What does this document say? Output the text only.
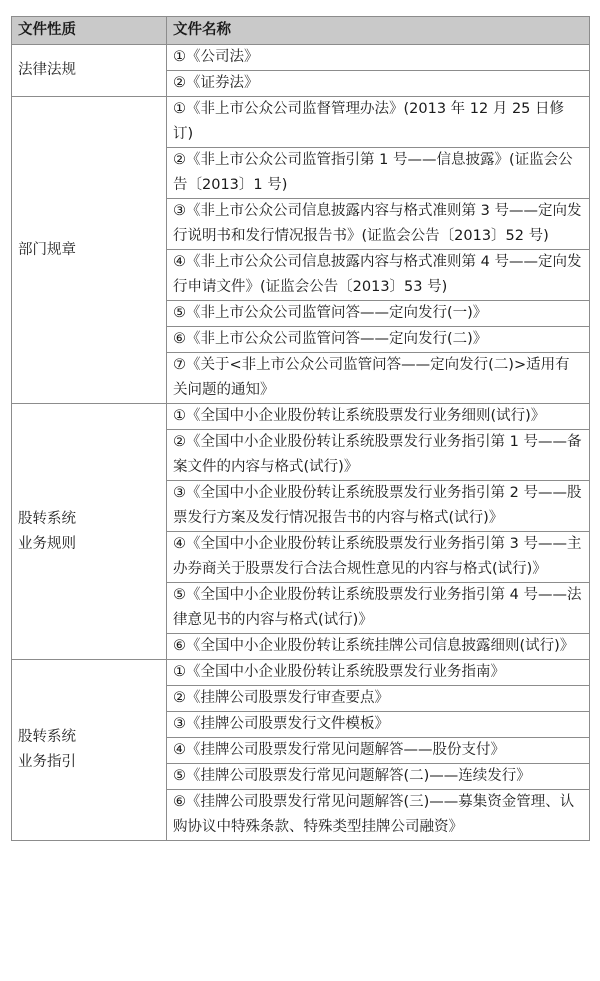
文件性质	文件名称

法律法规	①《公司法》
	②《证券法》

部门规章	①《非上市公众公司监督管理办法》(2013 年 12 月 25 日修订)
	②《非上市公众公司监管指引第 1 号——信息披露》(证监会公告〔2013〕1 号)
	③《非上市公众公司信息披露内容与格式准则第 3 号——定向发行说明书和发行情况报告书》(证监会公告〔2013〕52 号)
	④《非上市公众公司信息披露内容与格式准则第 4 号——定向发行申请文件》(证监会公告〔2013〕53 号)
	⑤《非上市公众公司监管问答——定向发行(一)》
	⑥《非上市公众公司监管问答——定向发行(二)》
	⑦《关于<非上市公众公司监管问答——定向发行(二)>适用有关问题的通知》

股转系统
业务规则	①《全国中小企业股份转让系统股票发行业务细则(试行)》
	②《全国中小企业股份转让系统股票发行业务指引第 1 号——备案文件的内容与格式(试行)》
	③《全国中小企业股份转让系统股票发行业务指引第 2 号——股票发行方案及发行情况报告书的内容与格式(试行)》
	④《全国中小企业股份转让系统股票发行业务指引第 3 号——主办券商关于股票发行合法合规性意见的内容与格式(试行)》
	⑤《全国中小企业股份转让系统股票发行业务指引第 4 号——法律意见书的内容与格式(试行)》
	⑥《全国中小企业股份转让系统挂牌公司信息披露细则(试行)》

股转系统
业务指引	①《全国中小企业股份转让系统股票发行业务指南》
	②《挂牌公司股票发行审查要点》
	③《挂牌公司股票发行文件模板》
	④《挂牌公司股票发行常见问题解答——股份支付》
	⑤《挂牌公司股票发行常见问题解答(二)——连续发行》
	⑥《挂牌公司股票发行常见问题解答(三)——募集资金管理、认购协议中特殊条款、特殊类型挂牌公司融资》
